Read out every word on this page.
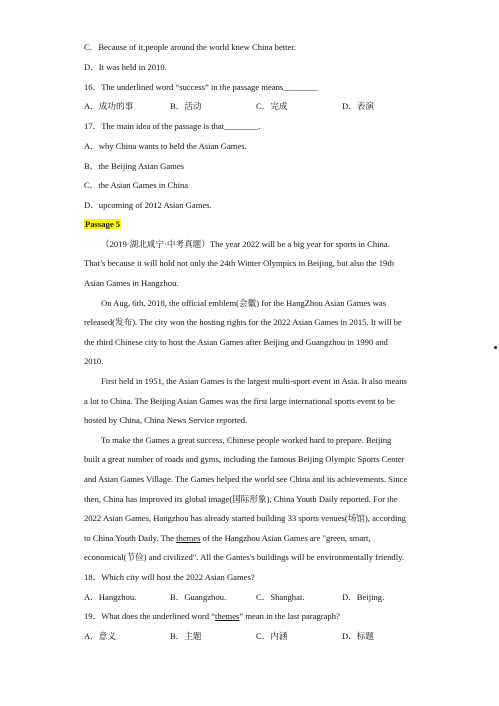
C．Because of it,people around the world knew China better.
D．It was held in 2010.
16．The underlined word “success” in the passage means________
A．成功的事	B．活动	C．完成	D．表演
17．The main idea of the passage is that________.
A．why China wants to held the Asian Games.
B．the Beijing Asian Games
C．the Asian Games in China
D．upcoming of 2012 Asian Games.
Passage 5
（2019·湖北咸宁·中考真题）The year 2022 will be a big year for sports in China.
That’s because it will hold not only the 24th Winter Olympics in Beijing, but also the 19th
Asian Games in Hangzhou.
On Aug, 6th, 2018, the official emblem(会徽) for the HangZhou Asian Games was
released(发布). The city won the hosting rights for the 2022 Asian Games in 2015. It will be
the third Chinese city to host the Asian Games after Beijing and Guangzhou in 1990 and
2010.
First held in 1951, the Asian Games is the largest multi-sport event in Asia. It also means
a lot to China. The Beijing Asian Games was the first large international sports event to be
hosted by China, China News Service reported.
To make the Games a great success, Chinese people worked hard to prepare. Beijing
built a great number of roads and gyms, including the famous Beijing Olympic Sports Center
and Asian Games Village. The Games helped the world see China and its achievements. Since
then, China has improved its global image(国际形象), China Youth Daily reported. For the
2022 Asian Games, Hangzhou has already started building 33 sports venues(场馆), according
to China Youth Daily. The themes of the Hangzhou Asian Games are "green, smart,
economical(节俭) and civilized". All the Games's buildings will be environmentally friendly.
18．Which city will host the 2022 Asian Games?
A．Hangzhou.	B．Guangzhou.	C．Shanghai.	D．Beijing.
19．What does the underlined word “themes” mean in the last paragraph?
A．意义	B．主题	C．内涵	D．标题
